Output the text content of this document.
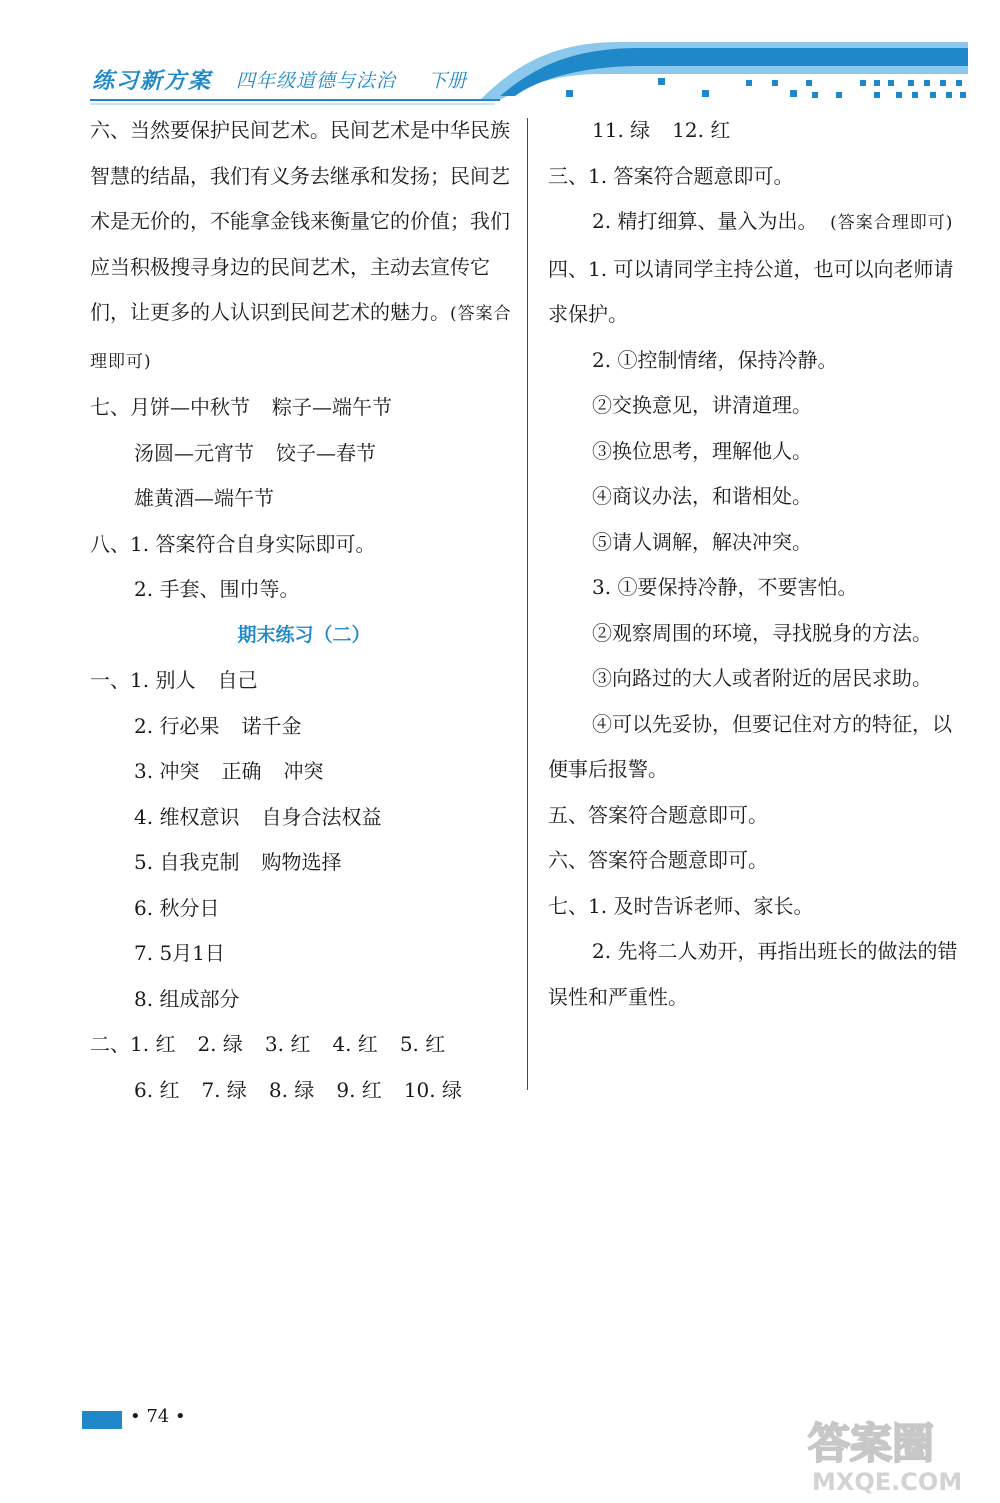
练习新方案 四年级道德与法治 下册
六、当然要保护民间艺术。民间艺术是中华民族智慧的结晶，我们有义务去继承和发扬；民间艺术是无价的，不能拿金钱来衡量它的价值；我们应当积极搜寻身边的民间艺术，主动去宣传它们，让更多的人认识到民间艺术的魅力。(答案合理即可)
七、月饼—中秋节 粽子—端午节
汤圆—元宵节 饺子—春节
雄黄酒—端午节
八、1. 答案符合自身实际即可。
2. 手套、围巾等。
期末练习（二）
一、1. 别人 自己
2. 行必果 诺千金
3. 冲突 正确 冲突
4. 维权意识 自身合法权益
5. 自我克制 购物选择
6. 秋分日
7. 5月1日
8. 组成部分
二、1. 红 2. 绿 3. 红 4. 红 5. 红
6. 红 7. 绿 8. 绿 9. 红 10. 绿
11. 绿 12. 红
三、1. 答案符合题意即可。
2. 精打细算、量入为出。 (答案合理即可)
四、1. 可以请同学主持公道，也可以向老师请求保护。
2. ①控制情绪，保持冷静。
②交换意见，讲清道理。
③换位思考，理解他人。
④商议办法，和谐相处。
⑤请人调解，解决冲突。
3. ①要保持冷静，不要害怕。
②观察周围的环境，寻找脱身的方法。
③向路过的大人或者附近的居民求助。
④可以先妥协，但要记住对方的特征，以便事后报警。
五、答案符合题意即可。
六、答案符合题意即可。
七、1. 及时告诉老师、家长。
2. 先将二人劝开，再指出班长的做法的错误性和严重性。
• 74 •
答案圈
MXQE.COM
